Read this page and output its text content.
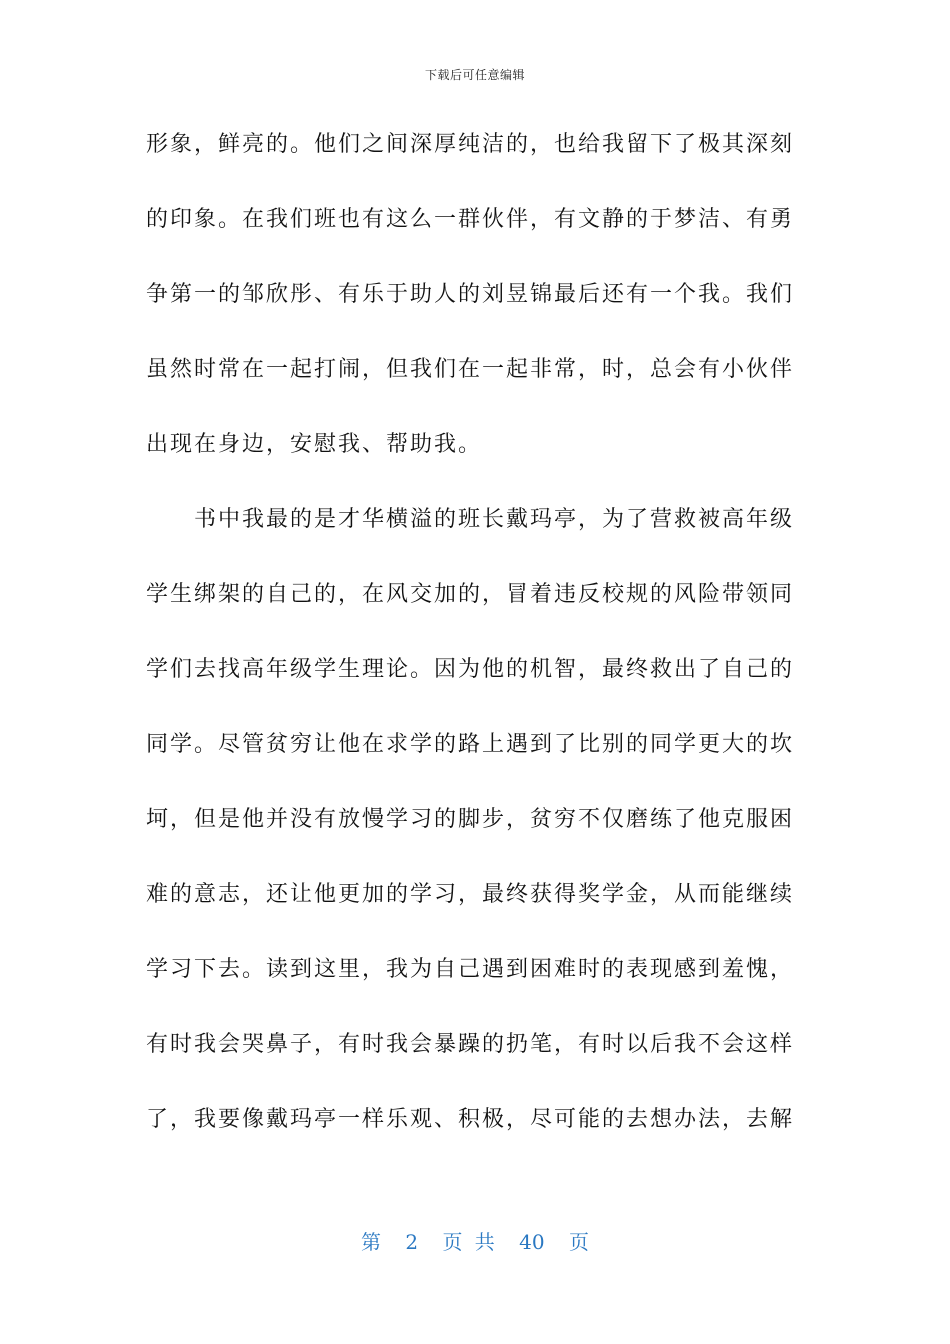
下载后可任意编辑
形象，鲜亮的。他们之间深厚纯洁的，也给我留下了极其深刻
的印象。在我们班也有这么一群伙伴，有文静的于梦洁、有勇
争第一的邹欣彤、有乐于助人的刘昱锦最后还有一个我。我们
虽然时常在一起打闹，但我们在一起非常，时，总会有小伙伴
出现在身边，安慰我、帮助我。
　　书中我最的是才华横溢的班长戴玛亭，为了营救被高年级
学生绑架的自己的，在风交加的，冒着违反校规的风险带领同
学们去找高年级学生理论。因为他的机智，最终救出了自己的
同学。尽管贫穷让他在求学的路上遇到了比别的同学更大的坎
坷，但是他并没有放慢学习的脚步，贫穷不仅磨练了他克服困
难的意志，还让他更加的学习，最终获得奖学金，从而能继续
学习下去。读到这里，我为自己遇到困难时的表现感到羞愧，
有时我会哭鼻子，有时我会暴躁的扔笔，有时以后我不会这样
了，我要像戴玛亭一样乐观、积极，尽可能的去想办法，去解
第 2 页 共 40 页
